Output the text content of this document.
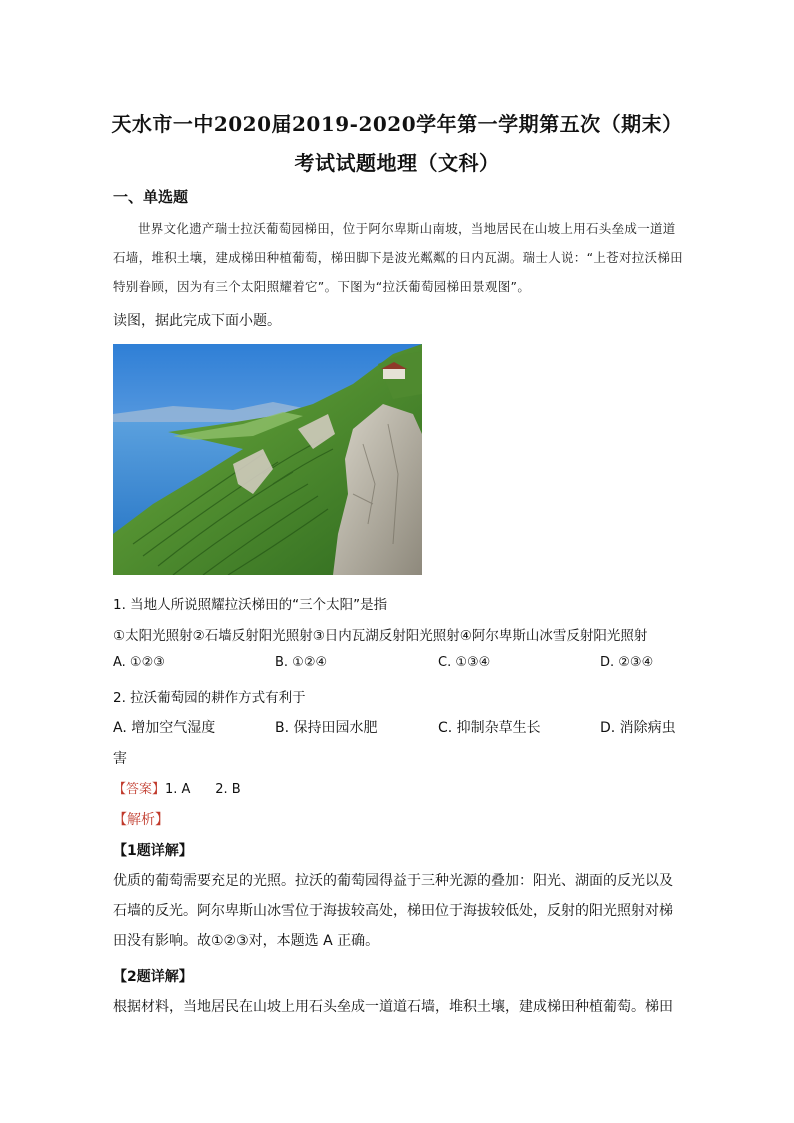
天水市一中2020届2019-2020学年第一学期第五次（期末）
考试试题地理（文科）
一、单选题
世界文化遗产瑞士拉沃葡萄园梯田，位于阿尔卑斯山南坡，当地居民在山坡上用石头垒成一道道石墙，堆积土壤，建成梯田种植葡萄，梯田脚下是波光粼粼的日内瓦湖。瑞士人说：“上苍对拉沃梯田特别眷顾，因为有三个太阳照耀着它”。下图为“拉沃葡萄园梯田景观图”。
读图，据此完成下面小题。
1. 当地人所说照耀拉沃梯田的“三个太阳”是指
①太阳光照射②石墙反射阳光照射③日内瓦湖反射阳光照射④阿尔卑斯山冰雪反射阳光照射
A. ①②③	B. ①②④	C. ①③④	D. ②③④
2. 拉沃葡萄园的耕作方式有利于
A. 增加空气湿度	B. 保持田园水肥	C. 抑制杂草生长	D. 消除病虫
害
【答案】1. A      2. B
【解析】
【1题详解】
优质的葡萄需要充足的光照。拉沃的葡萄园得益于三种光源的叠加：阳光、湖面的反光以及石墙的反光。阿尔卑斯山冰雪位于海拔较高处，梯田位于海拔较低处，反射的阳光照射对梯田没有影响。故①②③对，本题选 A 正确。
【2题详解】
根据材料，当地居民在山坡上用石头垒成一道道石墙，堆积土壤，建成梯田种植葡萄。梯田
